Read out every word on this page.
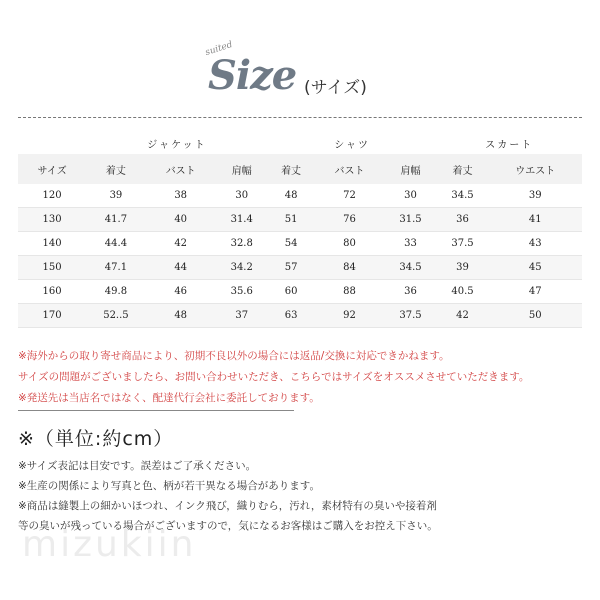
suited
Size (サイズ)
	ジャケット			シャツ			スカート	
サイズ	着丈	バスト	肩幅	着丈	バスト	肩幅	着丈	ウエスト
120	39	38	30	48	72	30	34.5	39
130	41.7	40	31.4	51	76	31.5	36	41
140	44.4	42	32.8	54	80	33	37.5	43
150	47.1	44	34.2	57	84	34.5	39	45
160	49.8	46	35.6	60	88	36	40.5	47
170	52..5	48	37	63	92	37.5	42	50
※海外からの取り寄せ商品により、初期不良以外の場合には返品/交換に対応できかねます。
サイズの問題がございましたら、お問い合わせいただき、こちらではサイズをオススメさせていただきます。
※発送先は当店名ではなく、配達代行会社に委託しております。
※（単位:約cm）
※サイズ表記は目安です。誤差はご了承ください。
※生産の関係により写真と色、柄が若干異なる場合があります。
※商品は縫製上の細かいほつれ、インク飛び，織りむら，汚れ，素材特有の臭いや接着剤
等の臭いが残っている場合がございますので，気になるお客様はご購入をお控え下さい。
mizukiin
